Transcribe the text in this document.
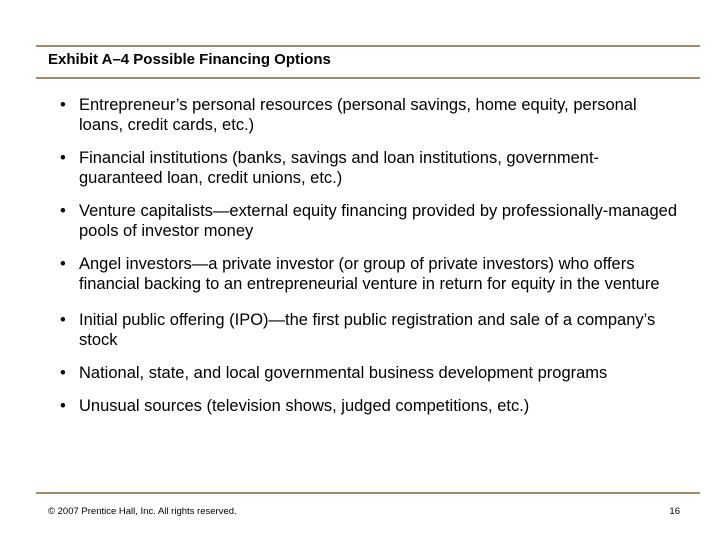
Exhibit A–4 Possible Financing Options
• Entrepreneur’s personal resources (personal savings, home equity, personal loans, credit cards, etc.)
• Financial institutions (banks, savings and loan institutions, government-guaranteed loan, credit unions, etc.)
• Venture capitalists—external equity financing provided by professionally-managed pools of investor money
• Angel investors—a private investor (or group of private investors) who offers financial backing to an entrepreneurial venture in return for equity in the venture
• Initial public offering (IPO)—the first public registration and sale of a company’s stock
• National, state, and local governmental business development programs
• Unusual sources (television shows, judged competitions, etc.)
© 2007 Prentice Hall, Inc. All rights reserved.	16
